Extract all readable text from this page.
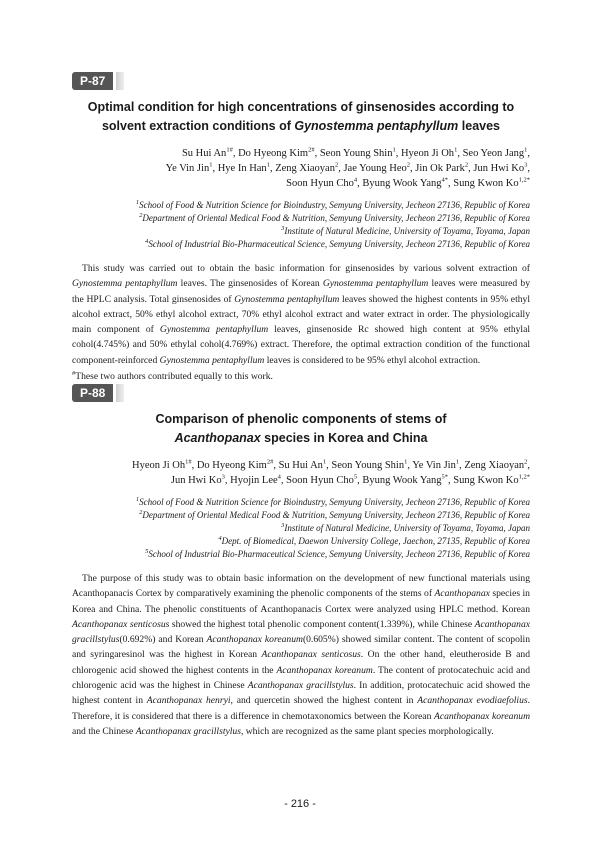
P-87

Optimal condition for high concentrations of ginsenosides according to solvent extraction conditions of Gynostemma pentaphyllum leaves

Su Hui $An^{1\#}$, Do Hyeong Kim$^{2\#}$, Seon Young Shin$^1$, Hyeon Ji Oh$^1$, Seo Yeon Jang$^1$,
Ye Vin Jin$^1$, Hye In Han$^1$, Zeng Xiaoyan$^2$, Jae Young Heo$^2$, Jin Ok Park$^2$, Jun Hwi Ko$^3$,
Soon Hyun Cho$^4$, Byung Wook Yang$^{4*}$, Sung Kwon $Ko^{1,2*}$

$^1$School of Food & Nutrition Science for Bioindustry, Semyung University, Jecheon 27136, Republic of Korea
$^2$Department of Oriental Medical Food & Nutrition, Semyung University, Jecheon 27136, Republic of Korea
$^3$Institute of Natural Medicine, University of Toyama, Toyama, Japan
$^4$School of Industrial Bio-Pharmaceutical Science, Semyung University, Jecheon 27136, Republic of Korea

This study was carried out to obtain the basic information for ginsenosides by various solvent extraction of Gynostemma pentaphyllum leaves. The ginsenosides of Korean Gynostemma pentaphyllum leaves were measured by the HPLC analysis. Total ginsenosides of Gynostemma pentaphyllum leaves showed the highest contents in 95% ethyl alcohol extract, 50% ethyl alcohol extract, 70% ethyl alcohol extract and water extract in order. The physiologically main component of Gynostemma pentaphyllum leaves, ginsenoside Rc showed high content at 95% ethylal cohol(4.745%) and 50% ethylal cohol(4.769%) extract. Therefore, the optimal extraction condition of the functional component-reinforced Gynostemma pentaphyllum leaves is considered to be 95% ethyl alcohol extraction.

#These two authors contributed equally to this work.

P-88

Comparison of phenolic components of stems of Acanthopanax species in Korea and China

Hyeon Ji $Oh^{1\#}$, Do Hyeong Kim$^{2\#}$, Su Hui An$^1$, Seon Young Shin$^1$, Ye Vin Jin$^1$, Zeng Xiaoyan$^2$,
Jun Hwi Ko$^3$, Hyojin Lee$^4$, Soon Hyun Cho$^5$, Byung Wook Yang$^{5*}$, Sung Kwon $Ko^{1,2*}$

$^1$School of Food & Nutrition Science for Bioindustry, Semyung University, Jecheon 27136, Republic of Korea
$^2$Department of Oriental Medical Food & Nutrition, Semyung University, Jecheon 27136, Republic of Korea
$^3$Institute of Natural Medicine, University of Toyama, Toyama, Japan
$^4$Dept. of Biomedical, Daewon University College, Jaechon, 27135, Republic of Korea
$^5$School of Industrial Bio-Pharmaceutical Science, Semyung University, Jecheon 27136, Republic of Korea

The purpose of this study was to obtain basic information on the development of new functional materials using Acanthopanacis Cortex by comparatively examining the phenolic components of the stems of Acanthopanax species in Korea and China. The phenolic constituents of Acanthopanacis Cortex were analyzed using HPLC method. Korean Acanthopanax senticosus showed the highest total phenolic component content(1.339%), while Chinese Acanthopanax gracillstylus(0.692%) and Korean Acanthopanax koreanum(0.605%) showed similar content. The content of scopolin and syringaresinol was the highest in Korean Acanthopanax senticosus. On the other hand, eleutheroside B and chlorogenic acid showed the highest contents in the Acanthopanax koreanum. The content of protocatechuic acid and chlorogenic acid was the highest in Chinese Acanthopanax gracillstylus. In addition, protocatechuic acid showed the highest content in Acanthopanax henryi, and quercetin showed the highest content in Acanthopanax evodiaefolius. Therefore, it is considered that there is a difference in chemotaxonomics between the Korean Acanthopanax koreanum and the Chinese Acanthopanax gracillstylus, which are recognized as the same plant species morphologically.

- 216 -
